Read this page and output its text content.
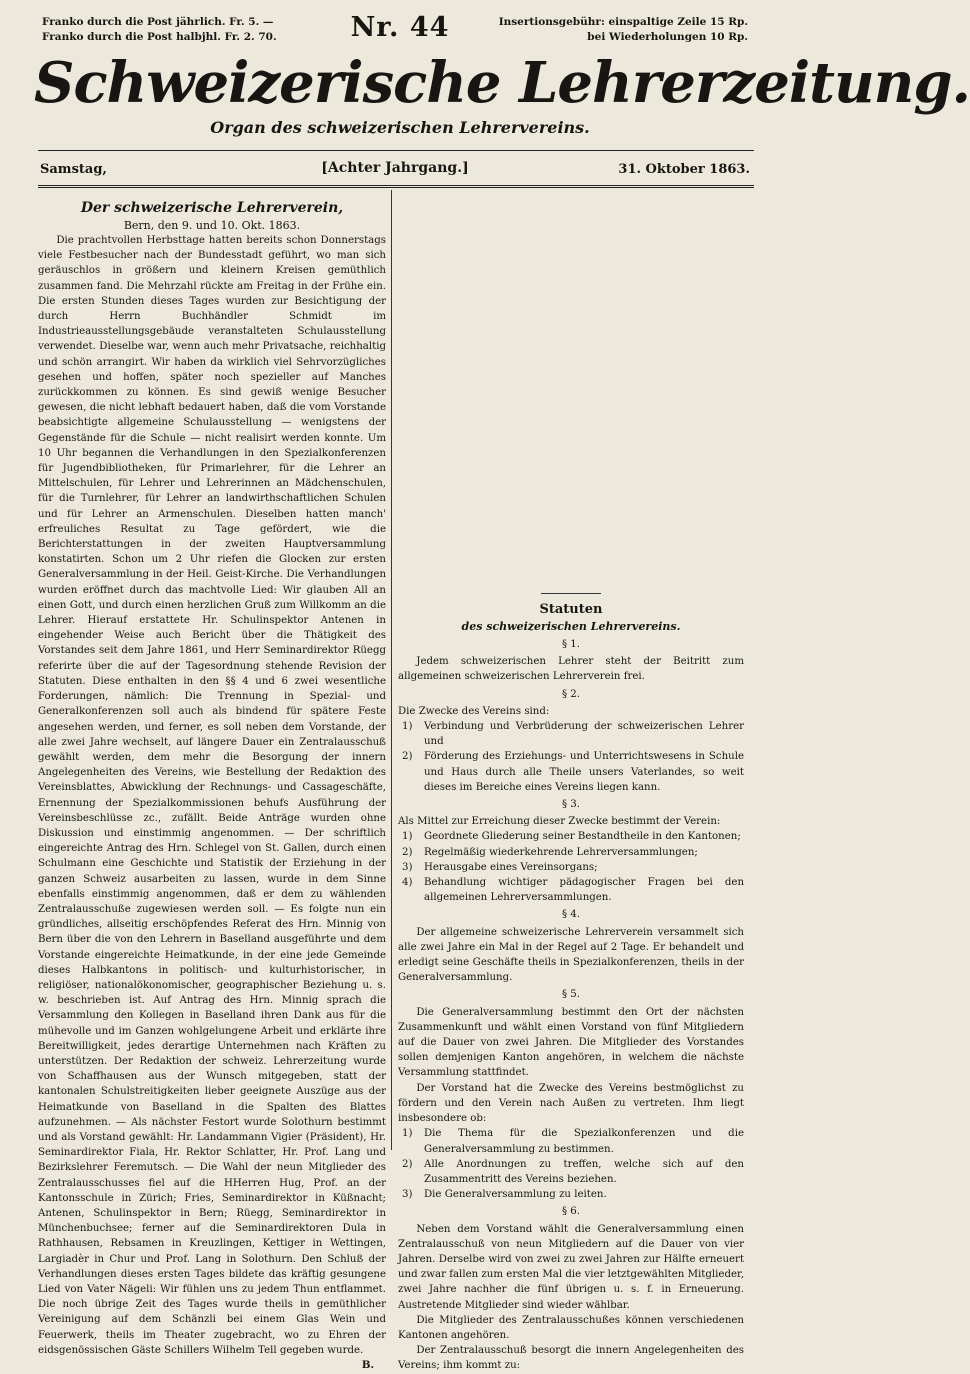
Franko durch die Post jährlich. Fr. 5. —
Franko durch die Post halbjhl. Fr. 2. 70.	Nr. 44	Insertionsgebühr: einspaltige Zeile 15 Rp.
bei Wiederholungen 10 Rp.
Schweizerische Lehrerzeitung.
Organ des schweizerischen Lehrervereins.
Samstag,	[Achter Jahrgang.]	31. Oktober 1863.
Der schweizerische Lehrerverein,
Bern, den 9. und 10. Okt. 1863.

Die prachtvollen Herbsttage hatten bereits schon Donnerstags viele Festbesucher nach der Bundesstadt geführt, wo man sich geräuschlos in größern und kleinern Kreisen gemüthlich zusammen fand. Die Mehrzahl rückte am Freitag in der Frühe ein. Die ersten Stunden dieses Tages wurden zur Besichtigung der durch Herrn Buchhändler Schmidt im Industrieausstellungsgebäude veranstalteten Schulausstellung verwendet. Dieselbe war, wenn auch mehr Privatsache, reichhaltig und schön arrangirt. Wir haben da wirklich viel Sehrvorzügliches gesehen und hoffen, später noch spezieller auf Manches zurückkommen zu können. Es sind gewiß wenige Besucher gewesen, die nicht lebhaft bedauert haben, daß die vom Vorstande beabsichtigte allgemeine Schulausstellung — wenigstens der Gegenstände für die Schule — nicht realisirt werden konnte. Um 10 Uhr begannen die Verhandlungen in den Spezialkonferenzen für Jugendbibliotheken, für Primarlehrer, für die Lehrer an Mittelschulen, für Lehrer und Lehrerinnen an Mädchenschulen, für die Turnlehrer, für Lehrer an landwirthschaftlichen Schulen und für Lehrer an Armenschulen. Dieselben hatten manch' erfreuliches Resultat zu Tage gefördert, wie die Berichterstattungen in der zweiten Hauptversammlung konstatirten. Schon um 2 Uhr riefen die Glocken zur ersten Generalversammlung in der Heil. Geist-Kirche. Die Verhandlungen wurden eröffnet durch das machtvolle Lied: Wir glauben All an einen Gott, und durch einen herzlichen Gruß zum Willkomm an die Lehrer. Hierauf erstattete Hr. Schulinspektor Antenen in eingehender Weise auch Bericht über die Thätigkeit des Vorstandes seit dem Jahre 1861, und Herr Seminardirektor Rüegg referirte über die auf der Tagesordnung stehende Revision der Statuten. Diese enthalten in den §§ 4 und 6 zwei wesentliche Forderungen, nämlich: Die Trennung in Spezial- und Generalkonferenzen soll auch als bindend für spätere Feste angesehen werden, und ferner, es soll neben dem Vorstande, der alle zwei Jahre wechselt, auf längere Dauer ein Zentralausschuß gewählt werden, dem mehr die Besorgung der innern Angelegenheiten des Vereins, wie Bestellung der Redaktion des Vereinsblattes, Abwicklung der Rechnungs- und Cassageschäfte, Ernennung der Spezialkommissionen behufs Ausführung der Vereinsbeschlüsse zc., zufällt. Beide Anträge wurden ohne Diskussion und einstimmig angenommen. — Der schriftlich eingereichte Antrag des Hrn. Schlegel von St. Gallen, durch einen Schulmann eine Geschichte und Statistik der Erziehung in der ganzen Schweiz ausarbeiten zu lassen, wurde in dem Sinne ebenfalls einstimmig angenommen, daß er dem zu wählenden Zentralausschuße zugewiesen werden soll. — Es folgte nun ein gründliches, allseitig erschöpfendes Referat des Hrn. Minnig von Bern über die von den Lehrern in Baselland ausgeführte und dem Vorstande eingereichte Heimatkunde, in der eine jede Gemeinde dieses Halbkantons in politisch- und kulturhistorischer, in religiöser, nationalökonomischer, geographischer Beziehung u. s. w. beschrieben ist. Auf Antrag des Hrn. Minnig sprach die Versammlung den Kollegen in Baselland ihren Dank aus für die mühevolle und im Ganzen wohlgelungene Arbeit und erklärte ihre Bereitwilligkeit, jedes derartige Unternehmen nach Kräften zu unterstützen. Der Redaktion der schweiz. Lehrerzeitung wurde von Schaffhausen aus der Wunsch mitgegeben, statt der kantonalen Schulstreitigkeiten lieber geeignete Auszüge aus der Heimatkunde von Baselland in die Spalten des Blattes aufzunehmen. — Als nächster Festort wurde Solothurn bestimmt und als Vorstand gewählt: Hr. Landammann Vigier (Präsident), Hr. Seminardirektor Fiala, Hr. Rektor Schlatter, Hr. Prof. Lang und Bezirkslehrer Feremutsch. — Die Wahl der neun Mitglieder des Zentralausschusses fiel auf die HHerren Hug, Prof. an der Kantonsschule in Zürich; Fries, Seminardirektor in Küßnacht; Antenen, Schulinspektor in Bern; Rüegg, Seminardirektor in Münchenbuchsee; ferner auf die Seminardirektoren Dula in Rathhausen, Rebsamen in Kreuzlingen, Kettiger in Wettingen, Largiadèr in Chur und Prof. Lang in Solothurn. Den Schluß der Verhandlungen dieses ersten Tages bildete das kräftig gesungene Lied von Vater Nägeli: Wir fühlen uns zu jedem Thun entflammet. Die noch übrige Zeit des Tages wurde theils in gemüthlicher Vereinigung auf dem Schänzli bei einem Glas Wein und Feuerwerk, theils im Theater zugebracht, wo zu Ehren der eidsgenössischen Gäste Schillers Wilhelm Tell gegeben wurde.

B.
Statuten
des schweizerischen Lehrervereins.
§ 1.

Jedem schweizerischen Lehrer steht der Beitritt zum allgemeinen schweizerischen Lehrerverein frei.

§ 2.

Die Zwecke des Vereins sind:

1)	Verbindung und Verbrüderung der schweizerischen Lehrer und
2)	Förderung des Erziehungs- und Unterrichtswesens in Schule und Haus durch alle Theile unsers Vaterlandes, so weit dieses im Bereiche eines Vereins liegen kann.
§ 3.

Als Mittel zur Erreichung dieser Zwecke bestimmt der Verein:

1)	Geordnete Gliederung seiner Bestandtheile in den Kantonen;
2)	Regelmäßig wiederkehrende Lehrerversammlungen;
3)	Herausgabe eines Vereinsorgans;
4)	Behandlung wichtiger pädagogischer Fragen bei den allgemeinen Lehrerversammlungen.
§ 4.

Der allgemeine schweizerische Lehrerverein versammelt sich alle zwei Jahre ein Mal in der Regel auf 2 Tage. Er behandelt und erledigt seine Geschäfte theils in Spezialkonferenzen, theils in der Generalversammlung.

§ 5.

Die Generalversammlung bestimmt den Ort der nächsten Zusammenkunft und wählt einen Vorstand von fünf Mitgliedern auf die Dauer von zwei Jahren. Die Mitglieder des Vorstandes sollen demjenigen Kanton angehören, in welchem die nächste Versammlung stattfindet.

Der Vorstand hat die Zwecke des Vereins bestmöglichst zu fördern und den Verein nach Außen zu vertreten. Ihm liegt insbesondere ob:

1)	Die Thema für die Spezialkonferenzen und die Generalversammlung zu bestimmen.
2)	Alle Anordnungen zu treffen, welche sich auf den Zusammentritt des Vereins beziehen.
3)	Die Generalversammlung zu leiten.
§ 6.

Neben dem Vorstand wählt die Generalversammlung einen Zentralausschuß von neun Mitgliedern auf die Dauer von vier Jahren. Derselbe wird von zwei zu zwei Jahren zur Hälfte erneuert und zwar fallen zum ersten Mal die vier letztgewählten Mitglieder, zwei Jahre nachher die fünf übrigen u. s. f. in Erneuerung. Austretende Mitglieder sind wieder wählbar.

Die Mitglieder des Zentralausschußes können verschiedenen Kantonen angehören.

Der Zentralausschuß besorgt die innern Angelegenheiten des Vereins; ihm kommt zu:
